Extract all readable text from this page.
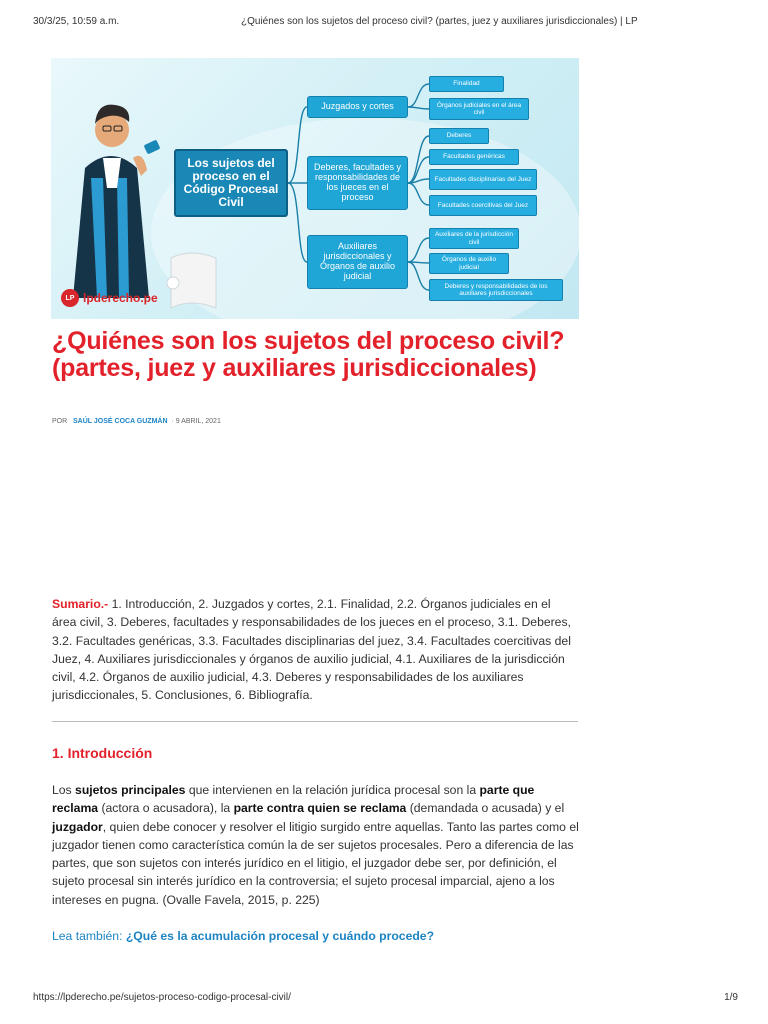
30/3/25, 10:59 a.m.	¿Quiénes son los sujetos del proceso civil? (partes, juez y auxiliares jurisdiccionales) | LP
Los sujetos del proceso en el Código Procesal Civil
Juzgados y cortes
Deberes, facultades y responsabilidades de los jueces en el proceso
Auxiliares jurisdiccionales y Órganos de auxilio judicial
Finalidad
Órganos judiciales en el área civil
Deberes
Facultades genéricas
Facultades disciplinarias del Juez
Facultades coercitivas del Juez
Auxiliares de la jurisdicción civil
Órganos de auxilio judicial
Deberes y responsabilidades de los auxiliares jurisdiccionales
LP lpderecho.pe
¿Quiénes son los sujetos del proceso civil? (partes, juez y auxiliares jurisdiccionales)
POR SAÚL JOSÉ COCA GUZMÁN · 9 ABRIL, 2021

Sumario.- 1. Introducción, 2. Juzgados y cortes, 2.1. Finalidad, 2.2. Órganos judiciales en el área civil, 3. Deberes, facultades y responsabilidades de los jueces en el proceso, 3.1. Deberes, 3.2. Facultades genéricas, 3.3. Facultades disciplinarias del juez, 3.4. Facultades coercitivas del Juez, 4. Auxiliares jurisdiccionales y órganos de auxilio judicial, 4.1. Auxiliares de la jurisdicción civil, 4.2. Órganos de auxilio judicial, 4.3. Deberes y responsabilidades de los auxiliares jurisdiccionales, 5. Conclusiones, 6. Bibliografía.

1. Introducción

Los sujetos principales que intervienen en la relación jurídica procesal son la parte que reclama (actora o acusadora), la parte contra quien se reclama (demandada o acusada) y el juzgador, quien debe conocer y resolver el litigio surgido entre aquellas. Tanto las partes como el juzgador tienen como característica común la de ser sujetos procesales. Pero a diferencia de las partes, que son sujetos con interés jurídico en el litigio, el juzgador debe ser, por definición, el sujeto procesal sin interés jurídico en la controversia; el sujeto procesal imparcial, ajeno a los intereses en pugna. (Ovalle Favela, 2015, p. 225)

Lea también: ¿Qué es la acumulación procesal y cuándo procede?
https://lpderecho.pe/sujetos-proceso-codigo-procesal-civil/	1/9
